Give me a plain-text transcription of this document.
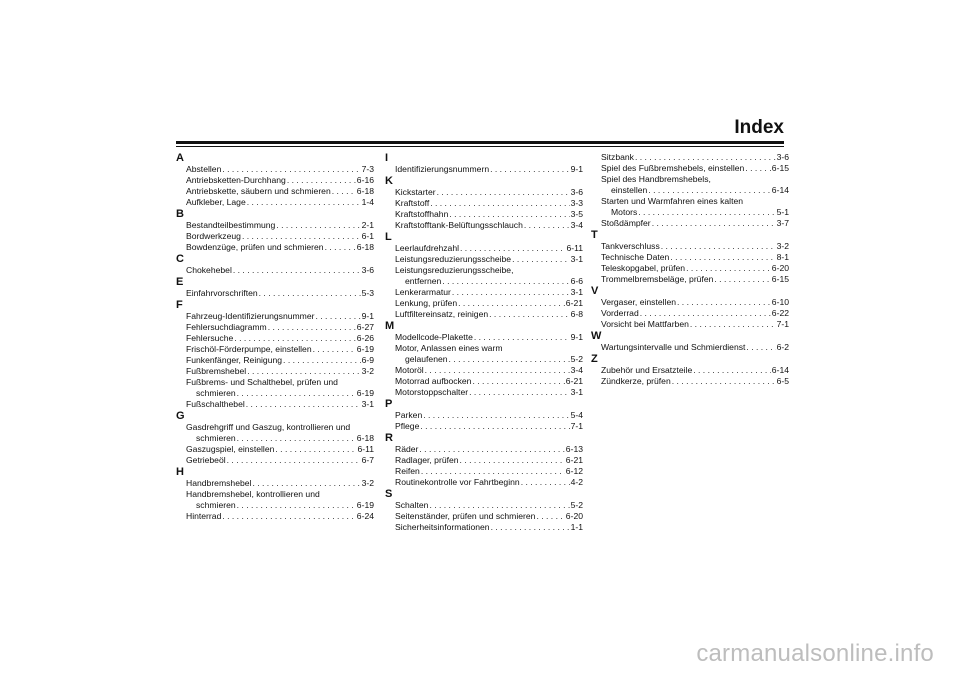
Index
A
Abstellen . . .	7-3
Antriebsketten-Durchhang . . .	6-16
Antriebskette, säubern und schmieren . . .	6-18
Aufkleber, Lage . . .	1-4
B
Bestandteilbestimmung . . .	2-1
Bordwerkzeug . . .	6-1
Bowdenzüge, prüfen und schmieren . . .	6-18
C
Chokehebel . . .	3-6
E
Einfahrvorschriften . . .	5-3
F
Fahrzeug-Identifizierungsnummer . . .	9-1
Fehlersuchdiagramm . . .	6-27
Fehlersuche . . .	6-26
Frischöl-Förderpumpe, einstellen . . .	6-19
Funkenfänger, Reinigung . . .	6-9
Fußbremshebel . . .	3-2
Fußbrems- und Schalthebel, prüfen und
schmieren . . .	6-19
Fußschalthebel . . .	3-1
G
Gasdrehgriff und Gaszug, kontrollieren und
schmieren . . .	6-18
Gaszugspiel, einstellen . . .	6-11
Getriebeöl . . .	6-7
H
Handbremshebel . . .	3-2
Handbremshebel, kontrollieren und
schmieren . . .	6-19
Hinterrad . . .	6-24
I
Identifizierungsnummern . . .	9-1
K
Kickstarter . . .	3-6
Kraftstoff . . .	3-3
Kraftstoffhahn . . .	3-5
Kraftstofftank-Belüftungsschlauch . . .	3-4
L
Leerlaufdrehzahl . . .	6-11
Leistungsreduzierungsscheibe . . .	3-1
Leistungsreduzierungsscheibe,
entfernen . . .	6-6
Lenkerarmatur . . .	3-1
Lenkung, prüfen . . .	6-21
Luftfiltereinsatz, reinigen . . .	6-8
M
Modellcode-Plakette . . .	9-1
Motor, Anlassen eines warm
gelaufenen . . .	5-2
Motoröl . . .	3-4
Motorrad aufbocken . . .	6-21
Motorstoppschalter . . .	3-1
P
Parken . . .	5-4
Pflege . . .	7-1
R
Räder . . .	6-13
Radlager, prüfen . . .	6-21
Reifen . . .	6-12
Routinekontrolle vor Fahrtbeginn . . .	4-2
S
Schalten . . .	5-2
Seitenständer, prüfen und schmieren . . .	6-20
Sicherheitsinformationen . . .	1-1
Sitzbank . . .	3-6
Spiel des Fußbremshebels, einstellen . . .	6-15
Spiel des Handbremshebels,
einstellen . . .	6-14
Starten und Warmfahren eines kalten
Motors . . .	5-1
Stoßdämpfer . . .	3-7
T
Tankverschluss . . .	3-2
Technische Daten . . .	8-1
Teleskopgabel, prüfen . . .	6-20
Trommelbremsbeläge, prüfen . . .	6-15
V
Vergaser, einstellen . . .	6-10
Vorderrad . . .	6-22
Vorsicht bei Mattfarben . . .	7-1
W
Wartungsintervalle und Schmierdienst . . .	6-2
Z
Zubehör und Ersatzteile . . .	6-14
Zündkerze, prüfen . . .	6-5
carmanualsonline.info
